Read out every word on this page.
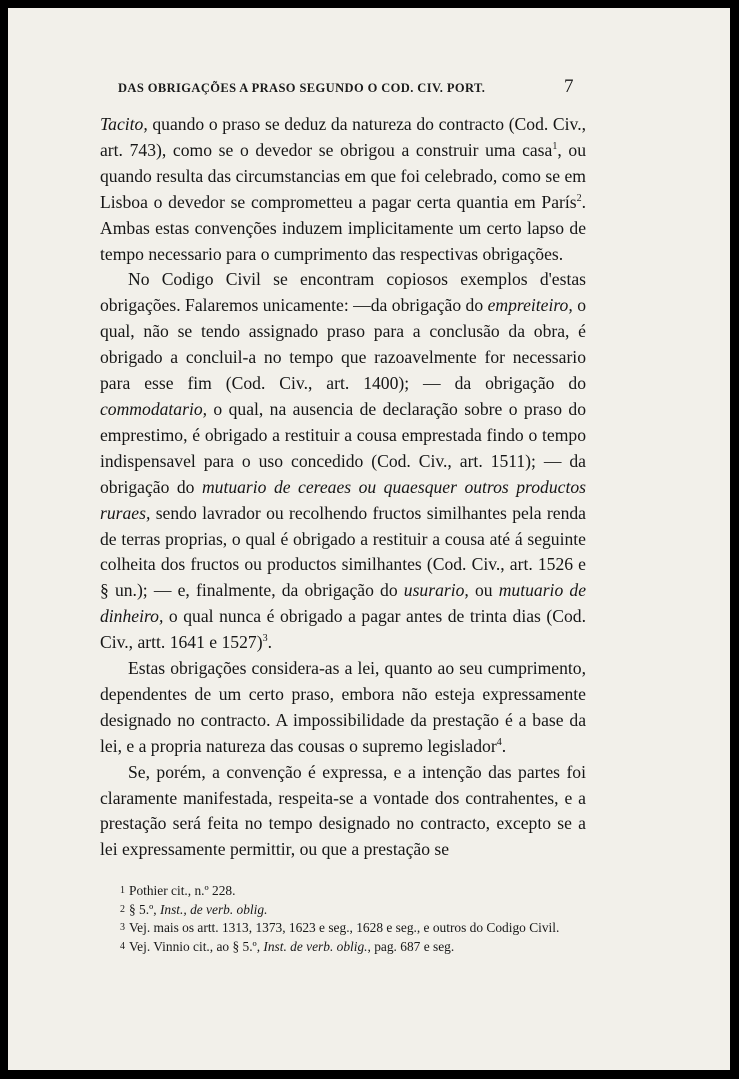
DAS OBRIGAÇÕES A PRASO SEGUNDO O COD. CIV. PORT.	7

Tacito, quando o praso se deduz da natureza do contracto (Cod. Civ., art. 743), como se o devedor se obrigou a construir uma casa$^1$, ou quando resulta das circumstancias em que foi celebrado, como se em Lisboa o devedor se comprometteu a pagar certa quantia em París$^2$. Ambas estas convenções induzem implicitamente um certo lapso de tempo necessario para o cumprimento das respectivas obrigações.

No Codigo Civil se encontram copiosos exemplos d'estas obrigações. Falaremos unicamente: —da obrigação do empreiteiro, o qual, não se tendo assignado praso para a conclusão da obra, é obrigado a concluil-a no tempo que razoavelmente for necessario para esse fim (Cod. Civ., art. 1400); — da obrigação do commodatario, o qual, na ausencia de declaração sobre o praso do emprestimo, é obrigado a restituir a cousa emprestada findo o tempo indispensavel para o uso concedido (Cod. Civ., art. 1511); — da obrigação do mutuario de cereaes ou quaesquer outros productos ruraes, sendo lavrador ou recolhendo fructos similhantes pela renda de terras proprias, o qual é obrigado a restituir a cousa até á seguinte colheita dos fructos ou productos similhantes (Cod. Civ., art. 1526 e § un.); — e, finalmente, da obrigação do usurario, ou mutuario de dinheiro, o qual nunca é obrigado a pagar antes de trinta dias (Cod. Civ., artt. 1641 e 1527)$^3$.

Estas obrigações considera-as a lei, quanto ao seu cumprimento, dependentes de um certo praso, embora não esteja expressamente designado no contracto. A impossibilidade da prestação é a base da lei, e a propria natureza das cousas o supremo legislador$^4$.

Se, porém, a convenção é expressa, e a intenção das partes foi claramente manifestada, respeita-se a vontade dos contrahentes, e a prestação será feita no tempo designado no contracto, excepto se a lei expressamente permittir, ou que a prestação se

1 Pothier cit., n.º 228.

2 § 5.º, Inst., de verb. oblig.

3 Vej. mais os artt. 1313, 1373, 1623 e seg., 1628 e seg., e outros do Codigo Civil.

4 Vej. Vinnio cit., ao § 5.º, Inst. de verb. oblig., pag. 687 e seg.
